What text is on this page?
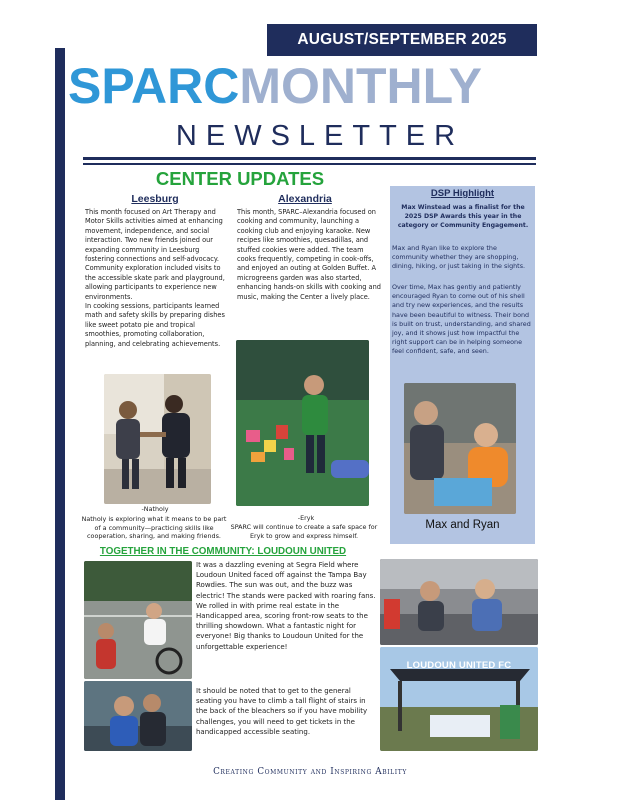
AUGUST/SEPTEMBER 2025
SPARCMONTHLY
NEWSLETTER
CENTER UPDATES
Leesburg

This month focused on Art Therapy and Motor Skills activities aimed at enhancing movement, independence, and social interaction. Two new friends joined our expanding community in Leesburg fostering connections and self-advocacy. Community exploration included visits to the accessible skate park and playground, allowing participants to experience new environments.

In cooking sessions, participants learned math and safety skills by preparing dishes like sweet potato pie and tropical smoothies, promoting collaboration, planning, and celebrating achievements.

-Natholy
Natholy is exploring what it means to be part of a community—practicing skills like cooperation, sharing, and making friends.
Alexandria

This month, SPARC–Alexandria focused on cooking and community, launching a cooking club and enjoying karaoke. New recipes like smoothies, quesadillas, and stuffed cookies were added. The team cooks frequently, competing in cook-offs, and enjoyed an outing at Golden Buffet. A microgreens garden was also started, enhancing hands-on skills with cooking and music, making the Center a lively place.

-Eryk
SPARC will continue to create a safe space for Eryk to grow and express himself.
DSP Highlight
Max Winstead was a finalist for the 2025 DSP Awards this year in the category or Community Engagement.
Max and Ryan like to explore the community whether they are shopping, dining, hiking, or just taking in the sights.
Over time, Max has gently and patiently encouraged Ryan to come out of his shell and try new experiences, and the results have been beautiful to witness. Their bond is built on trust, understanding, and shared joy, and it shows just how impactful the right support can be in helping someone feel confident, safe, and seen.
Max and Ryan
TOGETHER IN THE COMMUNITY: LOUDOUN UNITED
It was a dazzling evening at Segra Field where Loudoun United faced off against the Tampa Bay Rowdies. The sun was out, and the buzz was electric! The stands were packed with roaring fans. We rolled in with prime real estate in the Handicapped area, scoring front-row seats to the thrilling showdown. What a fantastic night for everyone! Big thanks to Loudoun United for the unforgettable experience!
It should be noted that to get to the general seating you have to climb a tall flight of stairs in the back of the bleachers so if you have mobility challenges, you will need to get tickets in the handicapped accessible seating.
LOUDOUN UNITED FC
Creating Community and Inspiring Ability
